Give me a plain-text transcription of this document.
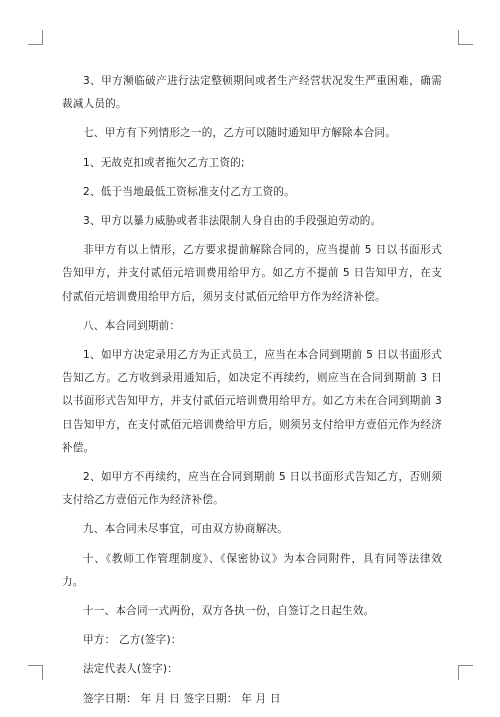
3、甲方濒临破产进行法定整顿期间或者生产经营状况发生严重困难，确需裁减人员的。

七、甲方有下列情形之一的，乙方可以随时通知甲方解除本合同。

1、无故克扣或者拖欠乙方工资的;

2、低于当地最低工资标准支付乙方工资的。

3、甲方以暴力威胁或者非法限制人身自由的手段强迫劳动的。

非甲方有以上情形，乙方要求提前解除合同的，应当提前 5 日以书面形式告知甲方，并支付贰佰元培训费用给甲方。如乙方不提前 5 日告知甲方，在支付贰佰元培训费用给甲方后，须另支付贰佰元给甲方作为经济补偿。

八、本合同到期前：

1、如甲方决定录用乙方为正式员工，应当在本合同到期前 5 日以书面形式告知乙方。乙方收到录用通知后，如决定不再续约，则应当在合同到期前 3 日以书面形式告知甲方，并支付贰佰元培训费用给甲方。如乙方未在合同到期前 3 日告知甲方，在支付贰佰元培训费给甲方后，则须另支付给甲方壹佰元作为经济补偿。

2、如甲方不再续约，应当在合同到期前 5 日以书面形式告知乙方，否则须支付给乙方壹佰元作为经济补偿。

九、本合同未尽事宜，可由双方协商解决。

十、《教师工作管理制度》、《保密协议》为本合同附件，具有同等法律效力。

十一、本合同一式两份，双方各执一份，自签订之日起生效。

甲方： 乙方(签字)：

法定代表人(签字)：

签字日期： 年 月 日 签字日期： 年 月 日
